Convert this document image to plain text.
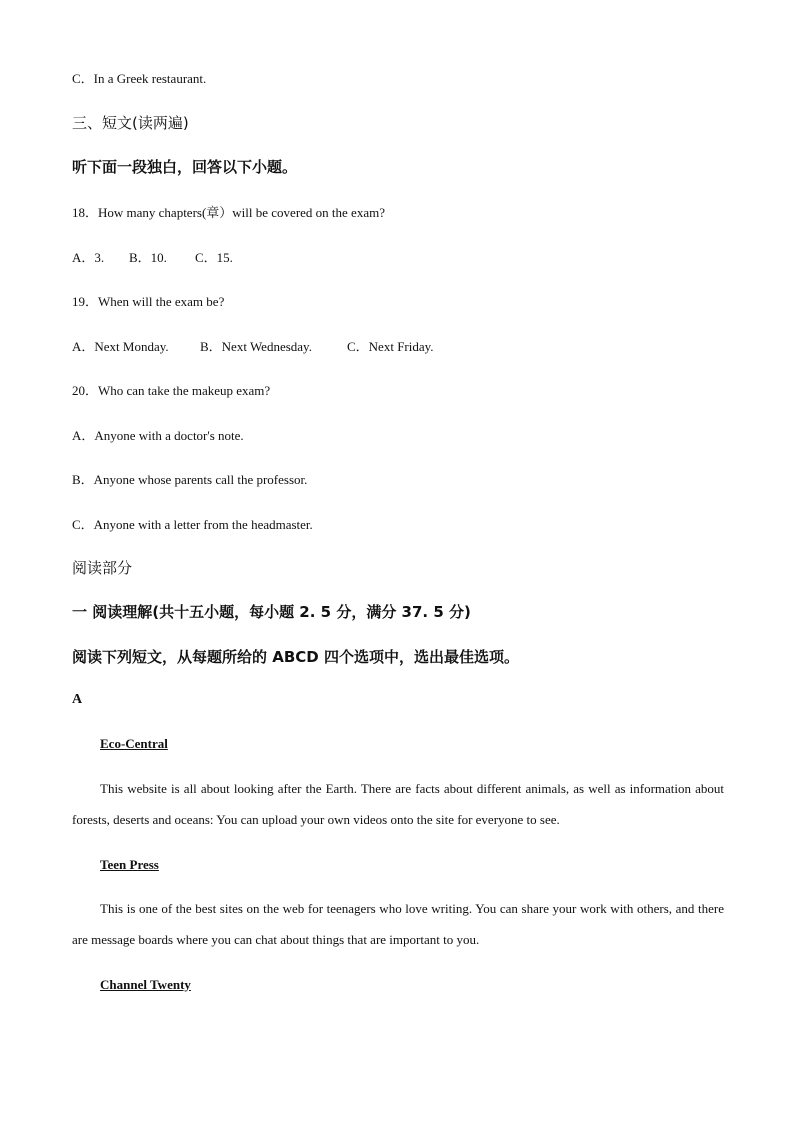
C．In a Greek restaurant.
三、短文(读两遍)
听下面一段独白，回答以下小题。
18．How many chapters(章）will be covered on the exam?
A．3. B．10. C．15.
19．When will the exam be?
A．Next Monday. B．Next Wednesday.	C．Next Friday.
20．Who can take the makeup exam?
A．Anyone with a doctor's note.
B．Anyone whose parents call the professor.
C．Anyone with a letter from the headmaster.
阅读部分
一 阅读理解(共十五小题，每小题 2. 5 分，满分 37. 5 分)
阅读下列短文，从每题所给的 ABCD 四个选项中，选出最佳选项。
A
Eco-Central
This website is all about looking after the Earth. There are facts about different animals, as well as information about forests, deserts and oceans: You can upload your own videos onto the site for everyone to see.
Teen Press
This is one of the best sites on the web for teenagers who love writing. You can share your work with others, and there are message boards where you can chat about things that are important to you.
Channel Twenty
